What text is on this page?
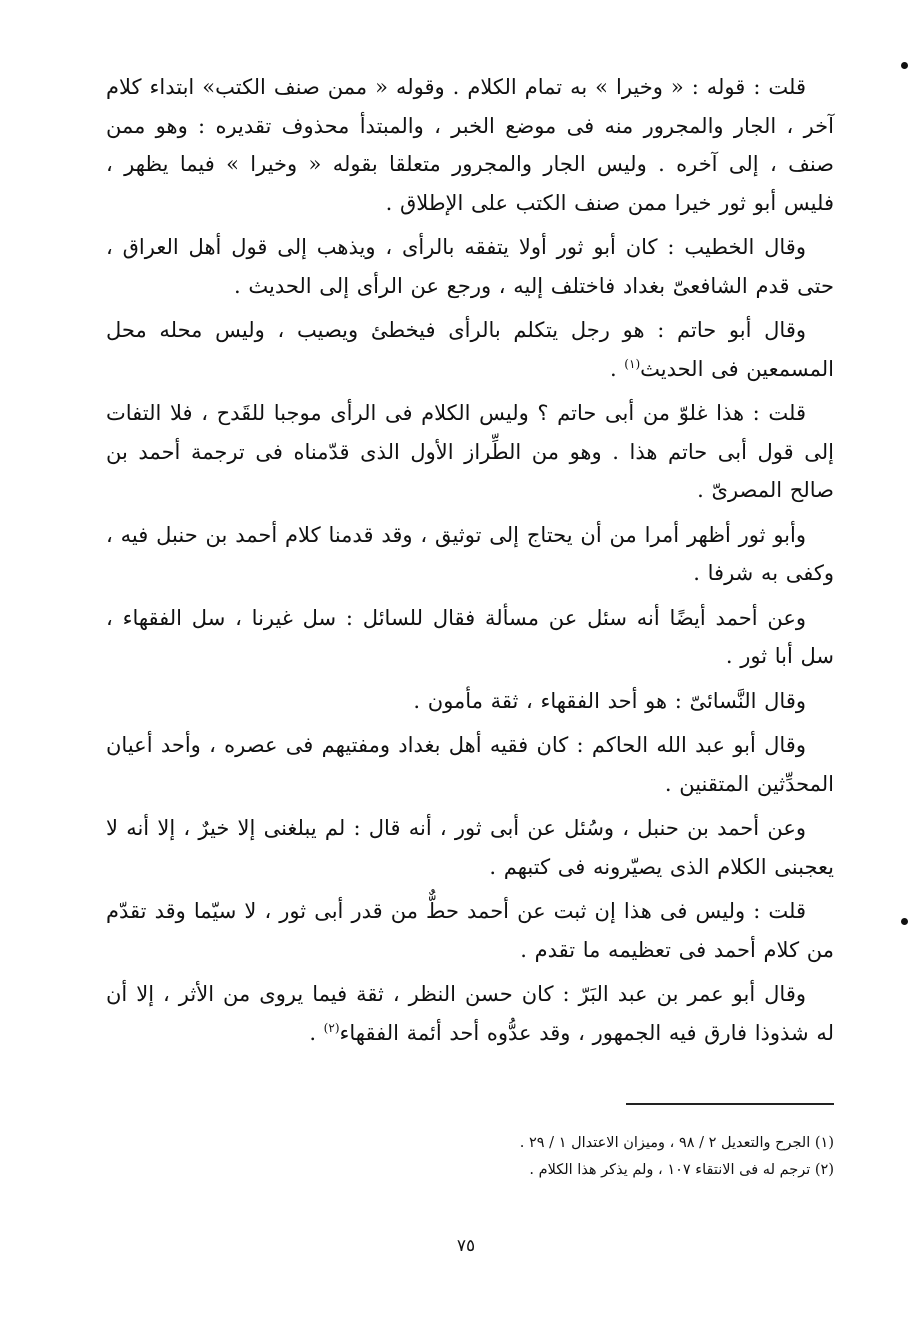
قلت : قوله : « وخيرا » به تمام الكلام . وقوله « ممن صنف الكتب» ابتداء كلام آخر ، الجار والمجرور منه فى موضع الخبر ، والمبتدأ محذوف تقديره : وهو ممن صنف ، إلى آخره . وليس الجار والمجرور متعلقا بقوله « وخيرا » فيما يظهر ، فليس أبو ثور خيرا ممن صنف الكتب على الإطلاق .

وقال الخطيب : كان أبو ثور أولا يتفقه بالرأى ، ويذهب إلى قول أهل العراق ، حتى قدم الشافعىّ بغداد فاختلف إليه ، ورجع عن الرأى إلى الحديث .

وقال أبو حاتم : هو رجل يتكلم بالرأى فيخطئ ويصيب ، وليس محله محل المسمعين فى الحديث$^{(١)}$ .

قلت : هذا غلوّ من أبى حاتم ؟ وليس الكلام فى الرأى موجبا للقَدح ، فلا التفات إلى قول أبى حاتم هذا . وهو من الطِّراز الأول الذى قدّمناه فى ترجمة أحمد بن صالح المصرىّ .

وأبو ثور أظهر أمرا من أن يحتاج إلى توثيق ، وقد قدمنا كلام أحمد بن حنبل فيه ، وكفى به شرفا .

وعن أحمد أيضًا أنه سئل عن مسألة فقال للسائل : سل غيرنا ، سل الفقهاء ، سل أبا ثور .

وقال النَّسائىّ : هو أحد الفقهاء ، ثقة مأمون .

وقال أبو عبد الله الحاكم : كان فقيه أهل بغداد ومفتيهم فى عصره ، وأحد أعيان المحدِّثين المتقنين .

وعن أحمد بن حنبل ، وسُئل عن أبى ثور ، أنه قال : لم يبلغنى إلا خيرٌ ، إلا أنه لا يعجبنى الكلام الذى يصيّرونه فى كتبهم .

قلت : وليس فى هذا إن ثبت عن أحمد حطٌّ من قدر أبى ثور ، لا سيّما وقد تقدّم من كلام أحمد فى تعظيمه ما تقدم .

وقال أبو عمر بن عبد البَرّ : كان حسن النظر ، ثقة فيما يروى من الأثر ، إلا أن له شذوذا فارق فيه الجمهور ، وقد عدُّوه أحد أئمة الفقهاء$^{(٢)}$ .

(١) الجرح والتعديل ٢ / ٩٨ ، وميزان الاعتدال ١ / ٢٩ .

(٢) ترجم له فى الانتقاء ١٠٧ ، ولم يذكر هذا الكلام .

٧٥
